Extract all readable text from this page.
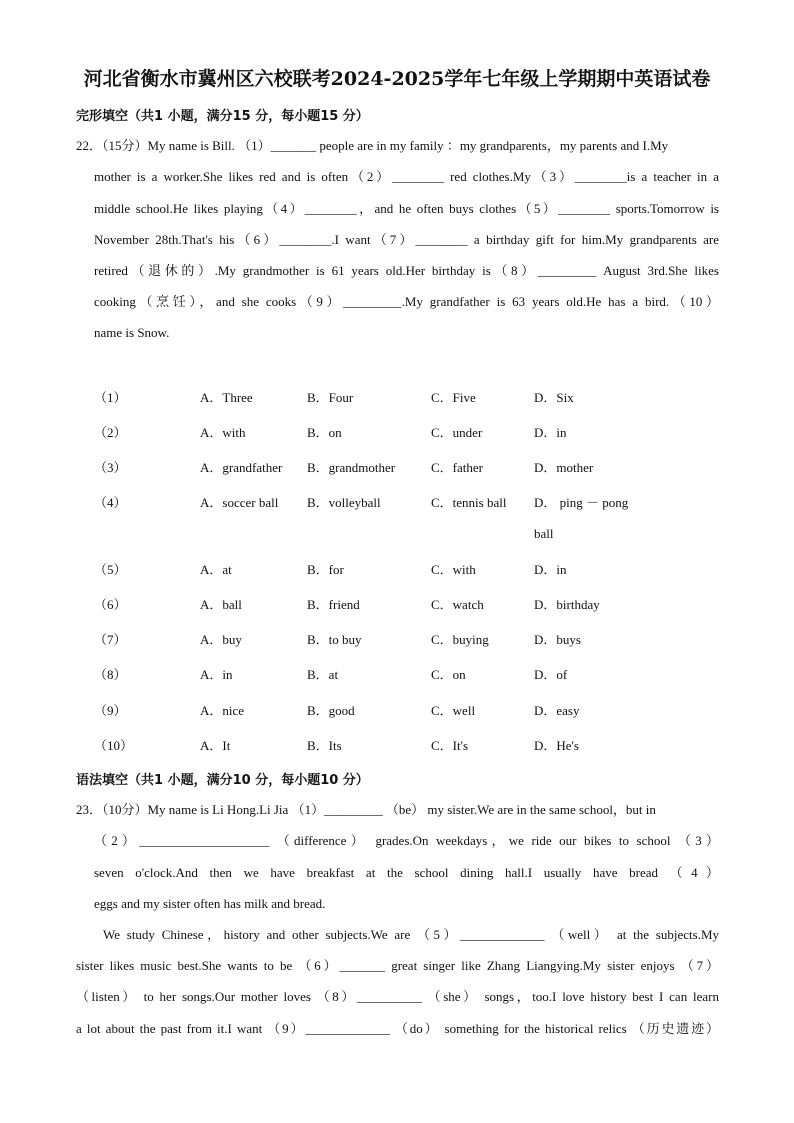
河北省衡水市冀州区六校联考2024-2025学年七年级上学期期中英语试卷
完形填空（共1 小题，满分15 分，每小题15 分）
22．（15分）My name is Bill. （1）_______ people are in my family ：my grandparents，my parents and I.My
mother is a worker.She likes red and is often（2）________ red clothes.My（3）________is a teacher in a
middle school.He likes playing（4）________，and he often buys clothes（5）________ sports.Tomorrow is
November 28th.That's his（6）________.I want（7）________ a birthday gift for him.My grandparents are
retired（退休的）.My grandmother is 61 years old.Her birthday is（8）_________ August 3rd.She likes
cooking（烹饪），and she cooks（9）_________.My grandfather is 63 years old.He has a bird.（10）
name is Snow.
（1）	A．Three	B．Four	C．Five	D．Six
（2）	A．with	B．on	C．under	D．in
（3）	A．grandfather B．grandmother	C．father	D．mother
（4）	A．soccer ball B．volleyball	C．tennis ball D． ping － pong
ball
（5）	A．at	B．for	C．with	D．in
（6）	A．ball	B．friend	C．watch	D．birthday
（7）	A．buy	B．to buy	C．buying	D．buys
（8）	A．in	B．at	C．on	D．of
（9）	A．nice	B．good	C．well	D．easy
（10）	A．It	B．Its	C．It's	D．He's
语法填空（共1 小题，满分10 分，每小题10 分）
23．（10分）My name is Li Hong.Li Jia （1）_________ （be） my sister.We are in the same school，but in
（2）____________________ （difference） grades.On weekdays，we ride our bikes to school （3）
seven o'clock.And then we have breakfast at the school dining hall.I usually have bread （4）
eggs and my sister often has milk and bread.
We study Chinese，history and other subjects.We are （5）_____________ （well） at the subjects.My
sister likes music best.She wants to be （6）_______ great singer like Zhang Liangying.My sister enjoys （7）
（listen） to her songs.Our mother loves （8）__________ （she） songs，too.I love history best I can learn
a lot about the past from it.I want （9）_____________ （do） something for the historical relics （历史遗迹）
